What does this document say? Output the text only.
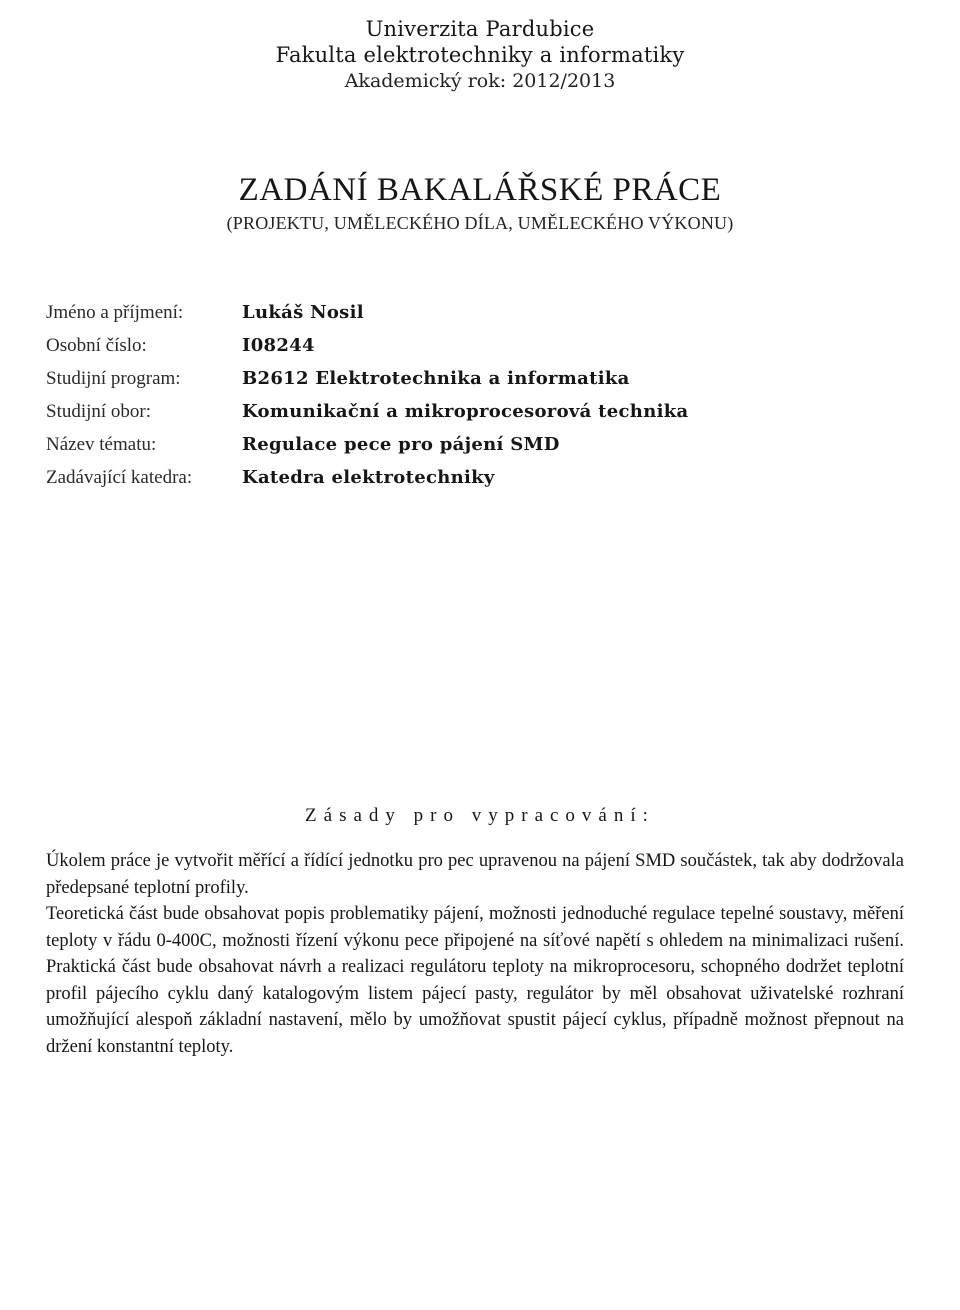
Univerzita Pardubice
Fakulta elektrotechniky a informatiky
Akademický rok: 2012/2013
ZADÁNÍ BAKALÁŘSKÉ PRÁCE
(PROJEKTU, UMĚLECKÉHO DÍLA, UMĚLECKÉHO VÝKONU)
Jméno a příjmení:	Lukáš Nosil
Osobní číslo:	I08244
Studijní program:	B2612 Elektrotechnika a informatika
Studijní obor:	Komunikační a mikroprocesorová technika
Název tématu:	Regulace pece pro pájení SMD
Zadávající katedra:	Katedra elektrotechniky
Zásady pro vypracování:

Úkolem práce je vytvořit měřící a řídící jednotku pro pec upravenou na pájení SMD součástek, tak aby dodržovala předepsané teplotní profily.

Teoretická část bude obsahovat popis problematiky pájení, možnosti jednoduché regulace tepelné soustavy, měření teploty v řádu 0-400C, možnosti řízení výkonu pece připojené na síťové napětí s ohledem na minimalizaci rušení. Praktická část bude obsahovat návrh a realizaci regulátoru teploty na mikroprocesoru, schopného dodržet teplotní profil pájecího cyklu daný katalogovým listem pájecí pasty, regulátor by měl obsahovat uživatelské rozhraní umožňující alespoň základní nastavení, mělo by umožňovat spustit pájecí cyklus, případně možnost přepnout na držení konstantní teploty.
